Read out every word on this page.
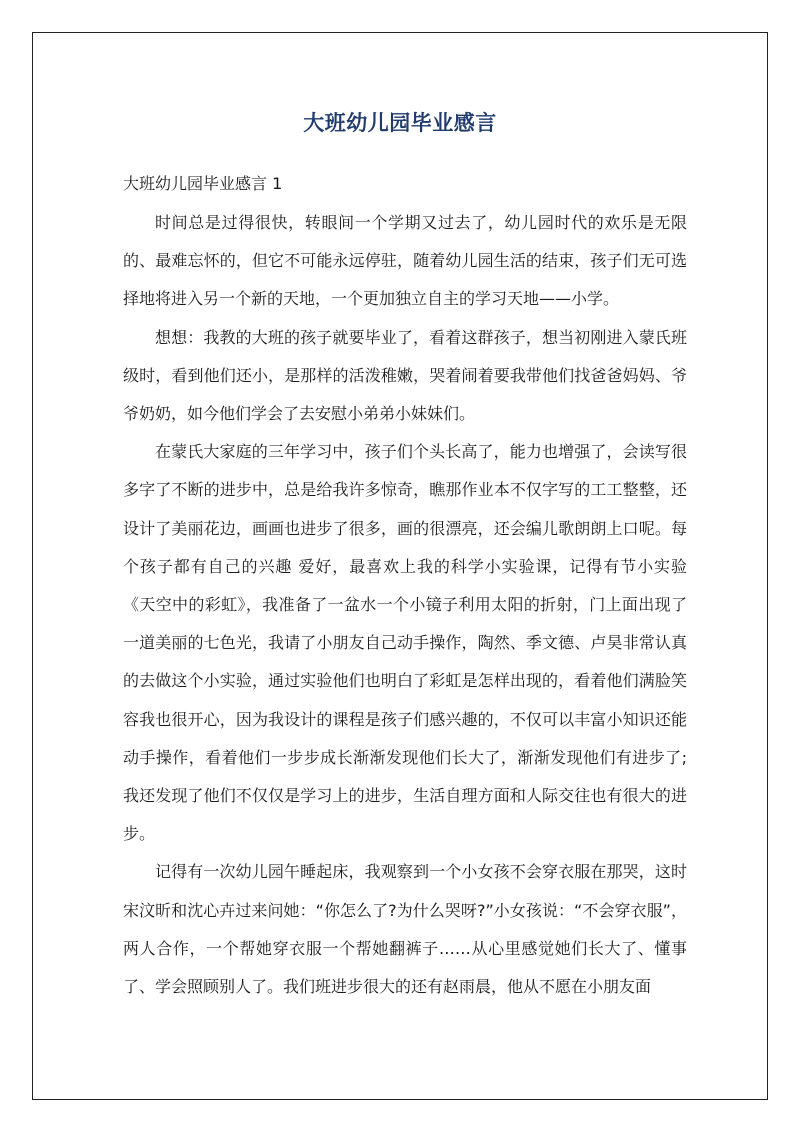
大班幼儿园毕业感言
大班幼儿园毕业感言 1

时间总是过得很快，转眼间一个学期又过去了，幼儿园时代的欢乐是无限的、最难忘怀的，但它不可能永远停驻，随着幼儿园生活的结束，孩子们无可选择地将进入另一个新的天地，一个更加独立自主的学习天地——小学。

想想：我教的大班的孩子就要毕业了，看着这群孩子，想当初刚进入蒙氏班级时，看到他们还小，是那样的活泼稚嫩，哭着闹着要我带他们找爸爸妈妈、爷爷奶奶，如今他们学会了去安慰小弟弟小妹妹们。

在蒙氏大家庭的三年学习中，孩子们个头长高了，能力也增强了，会读写很多字了不断的进步中，总是给我许多惊奇，瞧那作业本不仅字写的工工整整，还设计了美丽花边，画画也进步了很多，画的很漂亮，还会编儿歌朗朗上口呢。每个孩子都有自己的兴趣 爱好，最喜欢上我的科学小实验课，记得有节小实验《天空中的彩虹》，我准备了一盆水一个小镜子利用太阳的折射，门上面出现了一道美丽的七色光，我请了小朋友自己动手操作，陶然、季文德、卢昊非常认真的去做这个小实验，通过实验他们也明白了彩虹是怎样出现的，看着他们满脸笑容我也很开心，因为我设计的课程是孩子们感兴趣的，不仅可以丰富小知识还能动手操作，看着他们一步步成长渐渐发现他们长大了，渐渐发现他们有进步了;我还发现了他们不仅仅是学习上的进步，生活自理方面和人际交往也有很大的进步。

记得有一次幼儿园午睡起床，我观察到一个小女孩不会穿衣服在那哭，这时宋汶昕和沈心卉过来问她：“你怎么了?为什么哭呀?”小女孩说：“不会穿衣服”，两人合作，一个帮她穿衣服一个帮她翻裤子……从心里感觉她们长大了、懂事了、学会照顾别人了。我们班进步很大的还有赵雨晨，他从不愿在小朋友面
